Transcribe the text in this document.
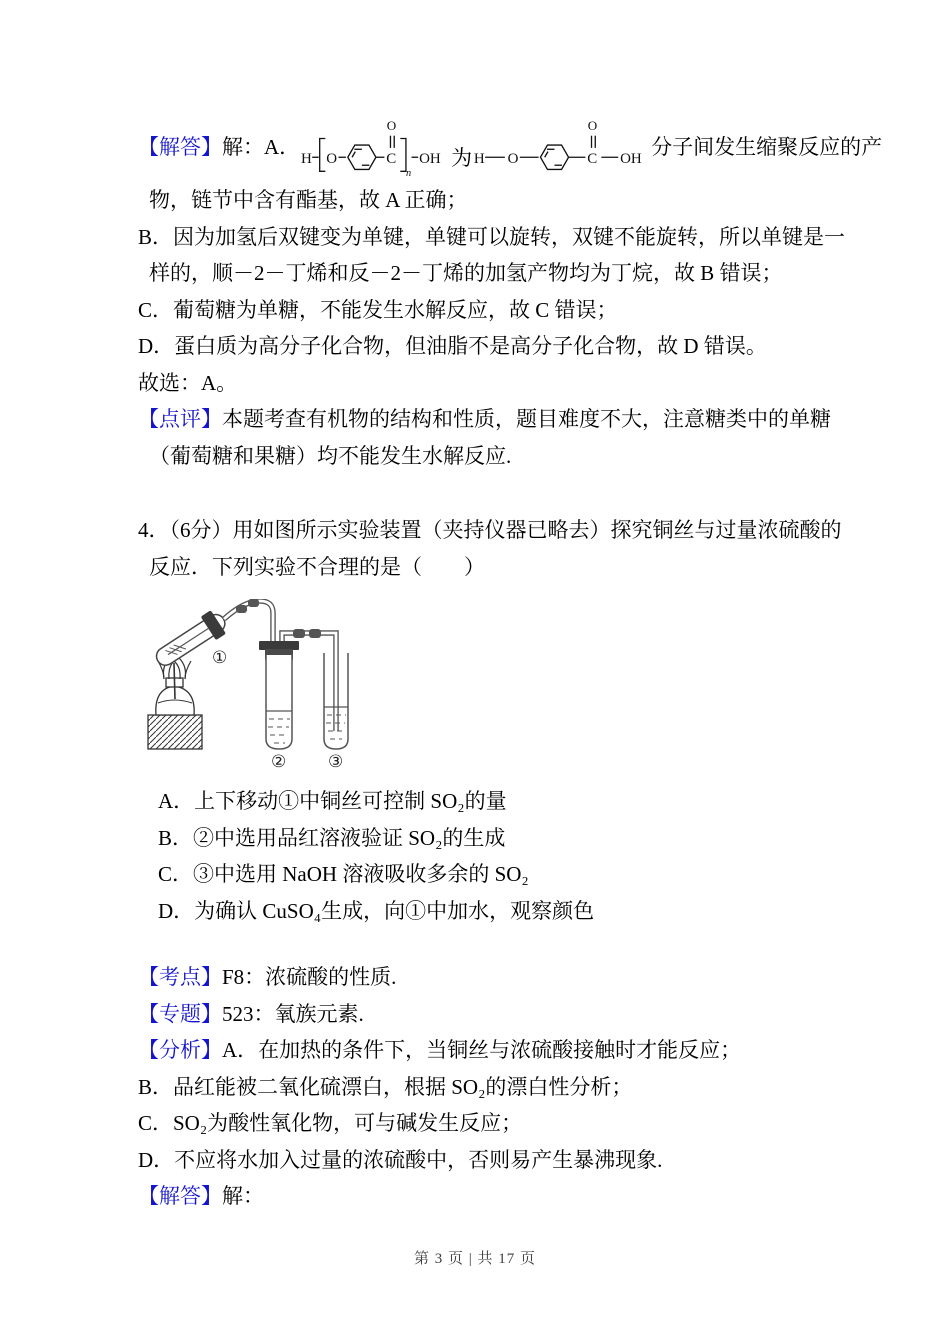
【解答】 解：A． H O	C
O
n
OH 为 H O	C
O
OH 分子间发生缩聚反应的产
物，链节中含有酯基，故 A 正确；
B．因为加氢后双键变为单键，单键可以旋转，双键不能旋转，所以单键是一
样的，顺－2－丁烯和反－2－丁烯的加氢产物均为丁烷，故 B 错误；
C．葡萄糖为单糖，不能发生水解反应，故 C 错误；
D．蛋白质为高分子化合物，但油脂不是高分子化合物，故 D 错误。
故选：A。
【点评】本题考查有机物的结构和性质，题目难度不大，注意糖类中的单糖
（葡萄糖和果糖）均不能发生水解反应.
4．（6分）用如图所示实验装置（夹持仪器已略去）探究铜丝与过量浓硫酸的
反应．下列实验不合理的是（　　）
①
② ③
A．上下移动①中铜丝可控制 SO₂的量
B．②中选用品红溶液验证 SO₂的生成
C．③中选用 NaOH 溶液吸收多余的 SO₂
D．为确认 CuSO₄生成，向①中加水，观察颜色
【考点】F8：浓硫酸的性质.
【专题】523：氧族元素.
【分析】A．在加热的条件下，当铜丝与浓硫酸接触时才能反应；
B．品红能被二氧化硫漂白，根据 SO₂的漂白性分析；
C．SO₂为酸性氧化物，可与碱发生反应；
D．不应将水加入过量的浓硫酸中，否则易产生暴沸现象.
【解答】解：
第 3 页 | 共 17 页
